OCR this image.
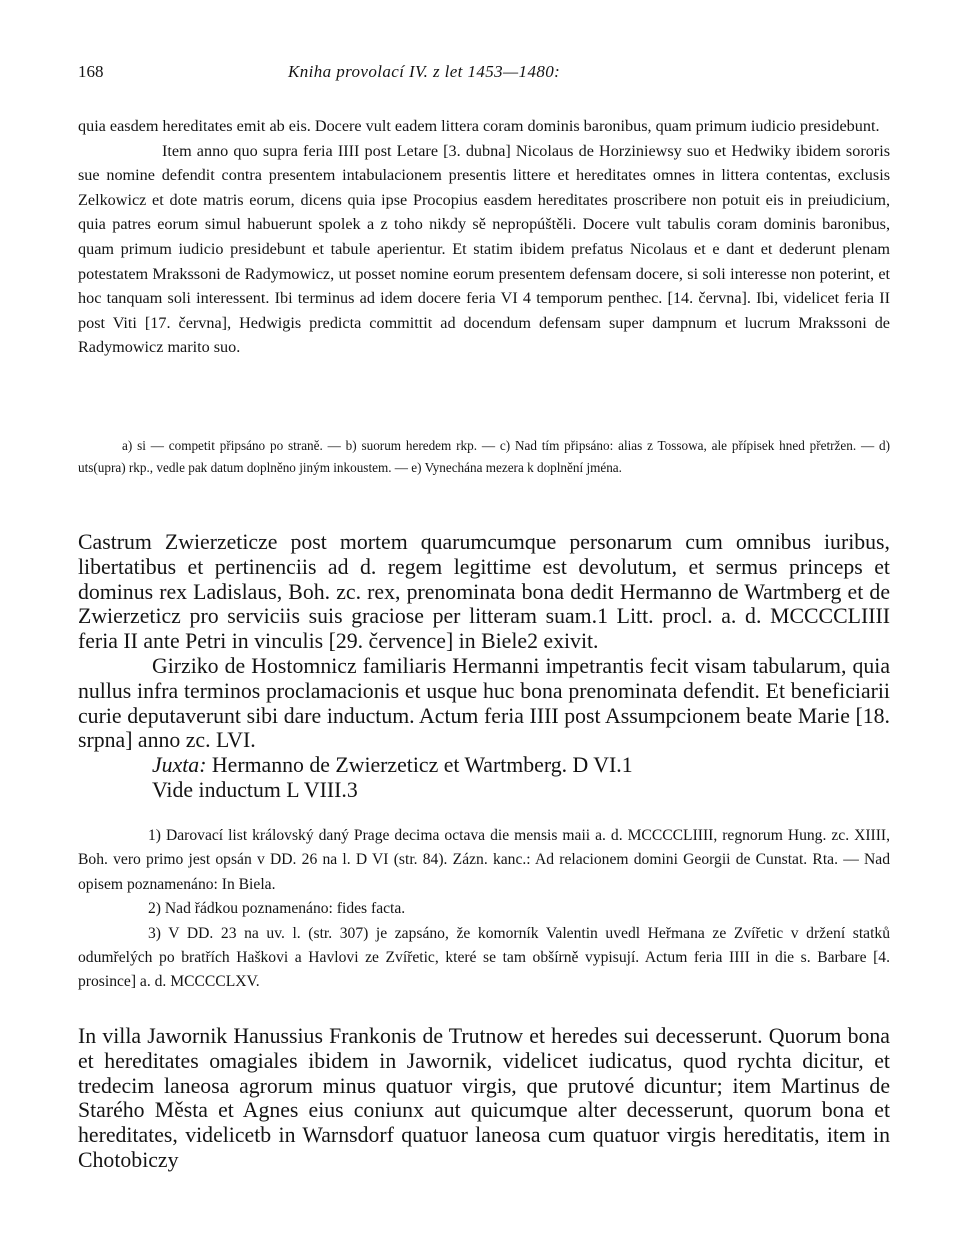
168	Kniha provolací IV. z let 1453—1480:

quia easdem hereditates emit ab eis. Docere vult eadem littera coram dominis baronibus, quam primum iudicio presidebunt.

Item anno quo supra feria IIII post Letare [3. dubna] Nicolaus de Horziniewsy suo et Hedwiky ibidem sororis sue nomine defendit contra presentem intabulacionem presentis littere et hereditates omnes in littera contentas, exclusis Zelkowicz et dote matris eorum, dicens quia ipse Procopius easdem hereditates proscribere non potuit eis in preiudicium, quia patres eorum simul habuerunt spolek a z toho nikdy sě nepropúštěli. Docere vult tabulis coram dominis baronibus, quam primum iudicio presidebunt et tabule aperientur. Et statim ibidem prefatus Nicolaus et e dant et dederunt plenam potestatem Mrakssoni de Radymowicz, ut posset nomine eorum presentem defensam docere, si soli interesse non poterint, et hoc tanquam soli interessent. Ibi terminus ad idem docere feria VI 4 temporum penthec. [14. června]. Ibi, videlicet feria II post Viti [17. června], Hedwigis predicta committit ad docendum defensam super dampnum et lucrum Mrakssoni de Radymowicz marito suo.

a) si — competit připsáno po straně. — b) suorum heredem rkp. — c) Nad tím připsáno: alias z Tossowa, ale přípisek hned přetržen. — d) uts(upra) rkp., vedle pak datum doplněno jiným inkoustem. — e) Vynechána mezera k doplnění jména.

Castrum Zwierzeticze post mortem quarumcumque personarum cum omnibus iuribus, libertatibus et pertinenciis ad d. regem legittime est devolutum, et sermus princeps et dominus rex Ladislaus, Boh. zc. rex, prenominata bona dedit Hermanno de Wartmberg et de Zwierzeticz pro serviciis suis graciose per litteram suam.1 Litt. procl. a. d. MCCCCLIIII feria II ante Petri in vinculis [29. července] in Biele2 exivit.

Girziko de Hostomnicz familiaris Hermanni impetrantis fecit visam tabularum, quia nullus infra terminos proclamacionis et usque huc bona prenominata defendit. Et beneficiarii curie deputaverunt sibi dare inductum. Actum feria IIII post Assumpcionem beate Marie [18. srpna] anno zc. LVI.

Juxta: Hermanno de Zwierzeticz et Wartmberg. D VI.1

Vide inductum L VIII.3

1) Darovací list královský daný Prage decima octava die mensis maii a. d. MCCCCLIIII, regnorum Hung. zc. XIIII, Boh. vero primo jest opsán v DD. 26 na l. D VI (str. 84). Zázn. kanc.: Ad relacionem domini Georgii de Cunstat. Rta. — Nad opisem poznamenáno: In Biela.

2) Nad řádkou poznamenáno: fides facta.

3) V DD. 23 na uv. l. (str. 307) je zapsáno, že komorník Valentin uvedl Heřmana ze Zvířetic v držení statků odumřelých po bratřích Haškovi a Havlovi ze Zvířetic, které se tam obšírně vypisují. Actum feria IIII in die s. Barbare [4. prosince] a. d. MCCCCLXV.

In villa Jawornik Hanussius Frankonis de Trutnow et heredes sui decesserunt. Quorum bona et hereditates omagiales ibidem in Jawornik, videlicet iudicatus, quod rychta dicitur, et tredecim laneosa agrorum minus quatuor virgis, que prutové dicuntur; item Martinus de Starého Města et Agnes eius coniunx aut quicumque alter decesserunt, quorum bona et hereditates, videlicetb in Warnsdorf quatuor laneosa cum quatuor virgis hereditatis, item in Chotobiczy
